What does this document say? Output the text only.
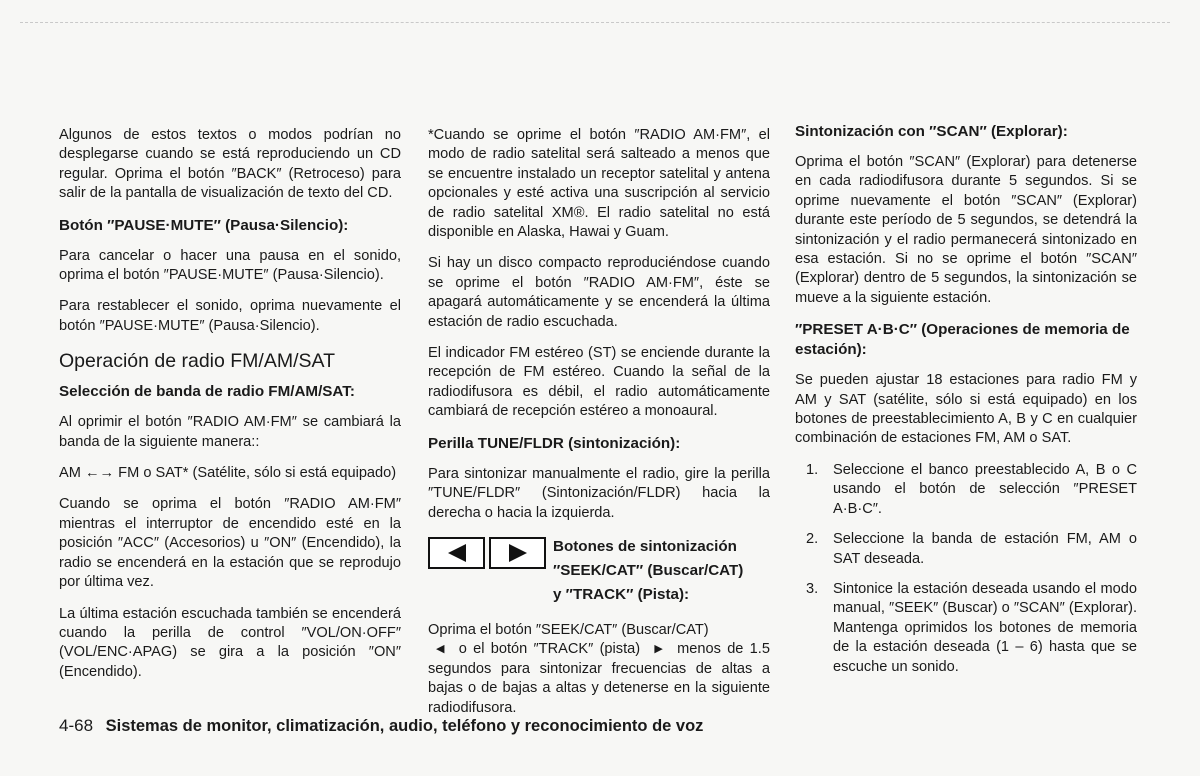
Algunos de estos textos o modos podrían no desplegarse cuando se está reproduciendo un CD regular. Oprima el botón ″BACK″ (Retroceso) para salir de la pantalla de visualización de texto del CD.

Botón ″PAUSE·MUTE″ (Pausa·Silencio):

Para cancelar o hacer una pausa en el sonido, oprima el botón ″PAUSE·MUTE″ (Pausa·Silencio).

Para restablecer el sonido, oprima nuevamente el botón ″PAUSE·MUTE″ (Pausa·Silencio).

Operación de radio FM/AM/SAT
Selección de banda de radio FM/AM/SAT:

Al oprimir el botón ″RADIO AM·FM″ se cambiará la banda de la siguiente manera::

AM ←→ FM o SAT* (Satélite, sólo si está equipado)

Cuando se oprima el botón ″RADIO AM·FM″ mientras el interruptor de encendido esté en la posición ″ACC″ (Accesorios) u ″ON″ (Encendido), la radio se encenderá en la estación que se reprodujo por última vez.

La última estación escuchada también se encenderá cuando la perilla de control ″VOL/ON·OFF″ (VOL/ENC·APAG) se gira a la posición ″ON″ (Encendido).

*Cuando se oprime el botón ″RADIO AM·FM″, el modo de radio satelital será salteado a menos que se encuentre instalado un receptor satelital y antena opcionales y esté activa una suscripción al servicio de radio satelital XM®. El radio satelital no está disponible en Alaska, Hawai y Guam.

Si hay un disco compacto reproduciéndose cuando se oprime el botón ″RADIO AM·FM″, éste se apagará automáticamente y se encenderá la última estación de radio escuchada.

El indicador FM estéreo (ST) se enciende durante la recepción de FM estéreo. Cuando la señal de la radiodifusora es débil, el radio automáticamente cambiará de recepción estéreo a monoaural.

Perilla TUNE/FLDR (sintonización):

Para sintonizar manualmente el radio, gire la perilla ″TUNE/FLDR″ (Sintonización/FLDR) hacia la derecha o hacia la izquierda.

Botones de sintonización
″SEEK/CAT″ (Buscar/CAT)
y ″TRACK″ (Pista):

Oprima el botón ″SEEK/CAT″ (Buscar/CAT)
◀ o el botón ″TRACK″ (pista) ▶ menos de 1.5 segundos para sintonizar frecuencias de altas a bajas o de bajas a altas y detenerse en la siguiente radiodifusora.

Sintonización con ″SCAN″ (Explorar):

Oprima el botón ″SCAN″ (Explorar) para detenerse en cada radiodifusora durante 5 segundos. Si se oprime nuevamente el botón ″SCAN″ (Explorar) durante este período de 5 segundos, se detendrá la sintonización y el radio permanecerá sintonizado en esa estación. Si no se oprime el botón ″SCAN″ (Explorar) dentro de 5 segundos, la sintonización se mueve a la siguiente estación.

″PRESET A·B·C″ (Operaciones de memoria de estación):

Se pueden ajustar 18 estaciones para radio FM y AM y SAT (satélite, sólo si está equipado) en los botones de preestablecimiento A, B y C en cualquier combinación de estaciones FM, AM o SAT.

1.	Seleccione el banco preestablecido A, B o C usando el botón de selección ″PRESET A·B·C″.
2.	Seleccione la banda de estación FM, AM o SAT deseada.
3.	Sintonice la estación deseada usando el modo manual, ″SEEK″ (Buscar) o ″SCAN″ (Explorar). Mantenga oprimidos los botones de memoria de la estación deseada (1 – 6) hasta que se escuche un sonido.
4-68 Sistemas de monitor, climatización, audio, teléfono y reconocimiento de voz
